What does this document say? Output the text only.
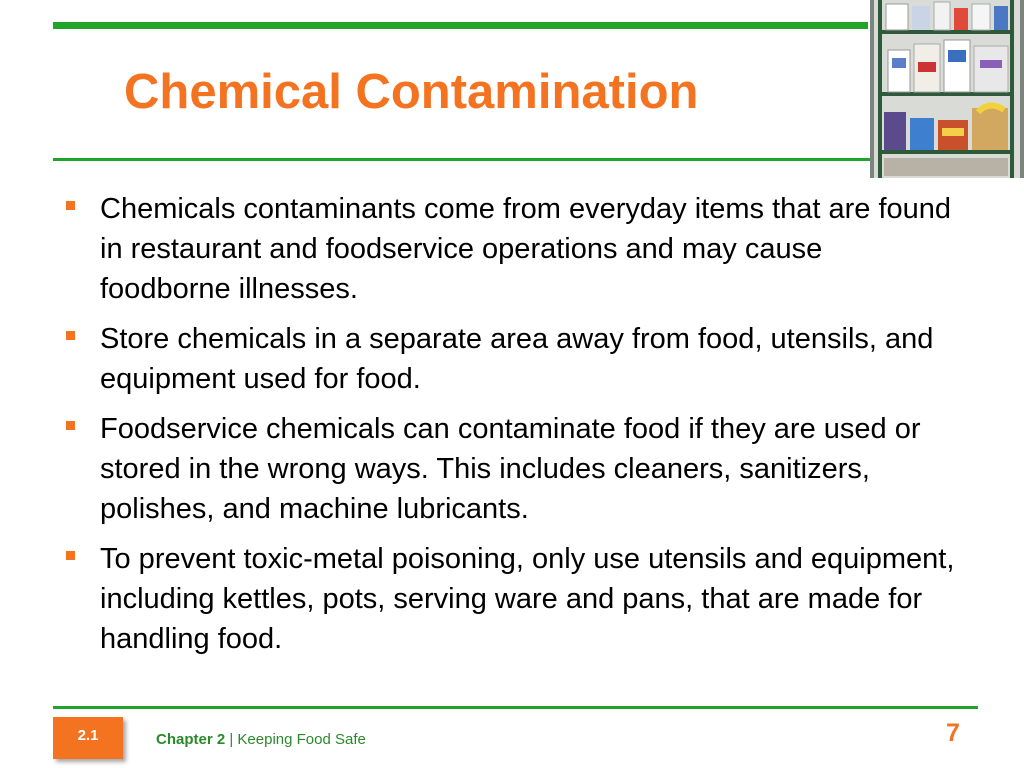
Chemical Contamination
Chemicals contaminants come from everyday items that are found in restaurant and foodservice operations and may cause foodborne illnesses.
Store chemicals in a separate area away from food, utensils, and equipment used for food.
Foodservice chemicals can contaminate food if they are used or stored in the wrong ways. This includes cleaners, sanitizers, polishes, and machine lubricants.
To prevent toxic-metal poisoning, only use utensils and equipment, including kettles, pots, serving ware and pans, that are made for handling food.
2.1	Chapter 2 | Keeping Food Safe	7
